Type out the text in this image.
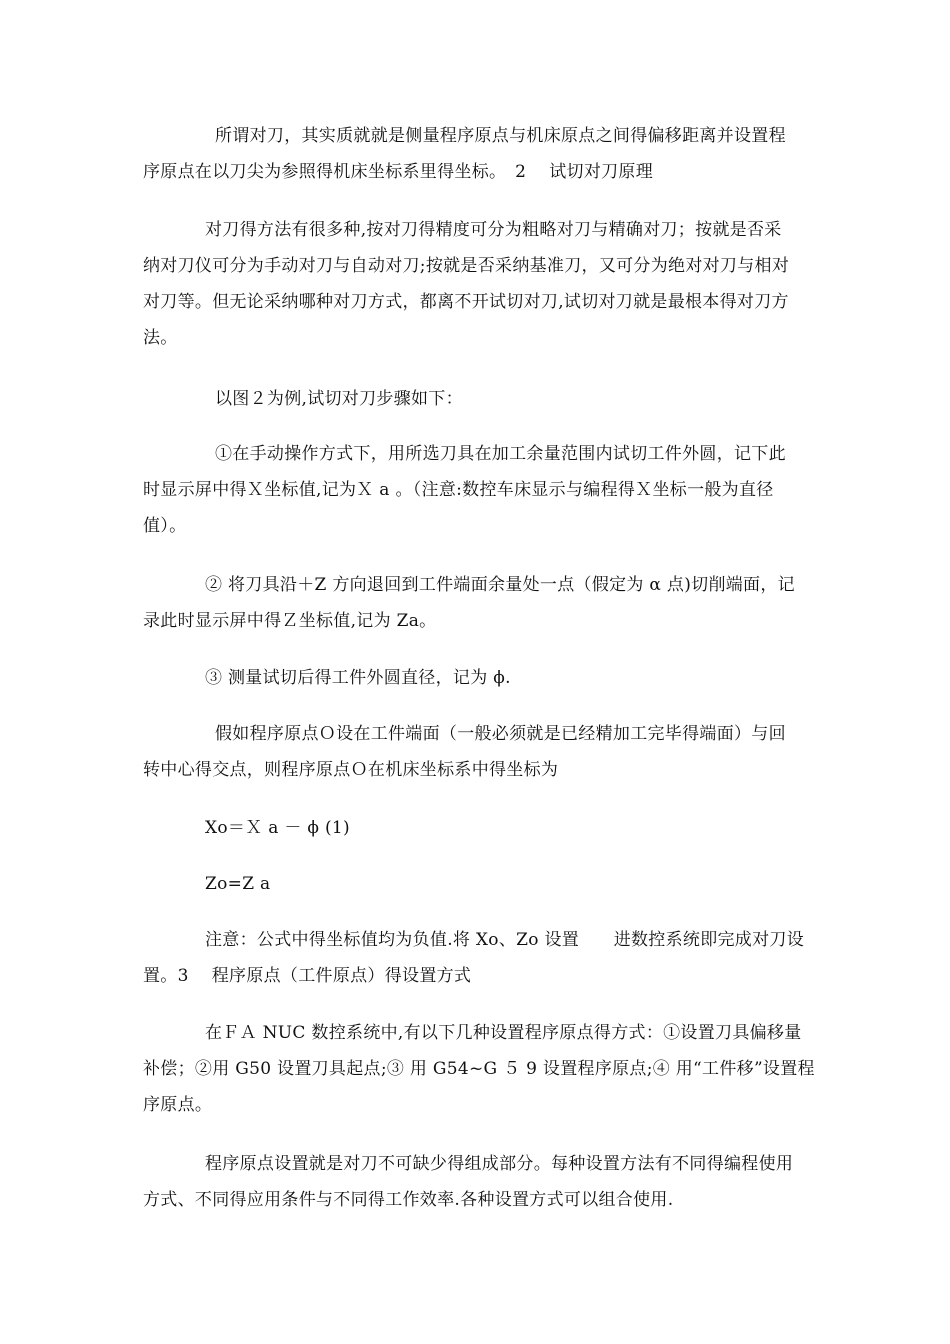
所谓对刀，其实质就就是侧量程序原点与机床原点之间得偏移距离并设置程
序原点在以刀尖为参照得机床坐标系里得坐标。　2　 试切对刀原理
对刀得方法有很多种,按对刀得精度可分为粗略对刀与精确对刀；按就是否采
纳对刀仪可分为手动对刀与自动对刀;按就是否采纳基准刀，又可分为绝对对刀与相对
对刀等。但无论采纳哪种对刀方式，都离不开试切对刀,试切对刀就是最根本得对刀方
法。
以图２为例,试切对刀步骤如下：
①在手动操作方式下，用所选刀具在加工余量范围内试切工件外圆，记下此
时显示屏中得Ｘ坐标值,记为Ｘ a 。（注意:数控车床显示与编程得Ｘ坐标一般为直径
值）。
② 将刀具沿＋Z 方向退回到工件端面余量处一点（假定为 α 点)切削端面，记
录此时显示屏中得Ｚ坐标值,记为 Za。
③ 测量试切后得工件外圆直径，记为 ϕ.
假如程序原点Ｏ设在工件端面（一般必须就是已经精加工完毕得端面）与回
转中心得交点，则程序原点Ｏ在机床坐标系中得坐标为
Xo＝Ｘ a － ϕ (1)
Zo=Z a
注意：公式中得坐标值均为负值.将 Xo、Zo 设置　　进数控系统即完成对刀设
置。3　 程序原点（工件原点）得设置方式
在ＦＡ NUC 数控系统中,有以下几种设置程序原点得方式：①设置刀具偏移量
补偿；②用 G50 设置刀具起点;③ 用 G54~G ５ 9 设置程序原点;④ 用“工件移”设置程
序原点。
程序原点设置就是对刀不可缺少得组成部分。每种设置方法有不同得编程使用
方式、不同得应用条件与不同得工作效率.各种设置方式可以组合使用.
